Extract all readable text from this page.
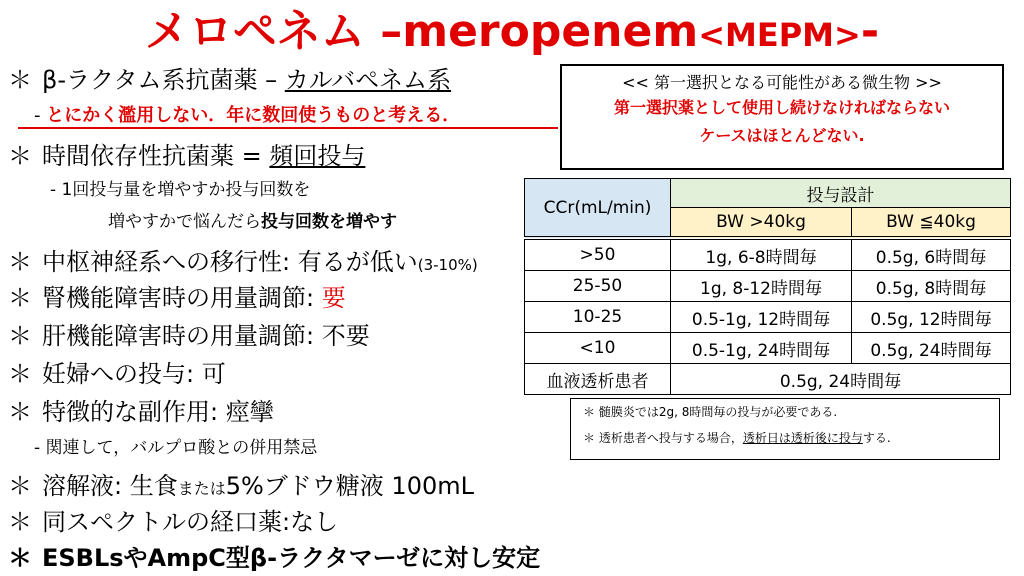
メロペネム –meropenem<MEPM>-
＊ β-ラクタム系抗菌薬 – カルバペネム系
- とにかく濫用しない．年に数回使うものと考える．
＊ 時間依存性抗菌薬 = 頻回投与
- 1回投与量を増やすか投与回数を
増やすかで悩んだら投与回数を増やす
＊ 中枢神経系への移行性: 有るが低い(3-10%)
＊ 腎機能障害時の用量調節: 要
＊ 肝機能障害時の用量調節: 不要
＊ 妊婦への投与: 可
＊ 特徴的な副作用: 痙攣
- 関連して，バルプロ酸との併用禁忌
＊ 溶解液: 生食または5%ブドウ糖液 100mL
＊ 同スペクトルの経口薬:なし
＊ ESBLsやAmpC型β-ラクタマーゼに対し安定
<< 第一選択となる可能性がある微生物 >>
第一選択薬として使用し続けなければならない
ケースはほとんどない.
CCr(mL/min)	投与設計	
	BW >40kg	BW ≦40kg
>50	1g, 6-8時間毎	0.5g, 6時間毎
25-50	1g, 8-12時間毎	0.5g, 8時間毎
10-25	0.5-1g, 12時間毎	0.5g, 12時間毎
<10	0.5-1g, 24時間毎	0.5g, 24時間毎
血液透析患者	0.5g, 24時間毎	
＊ 髄膜炎では2g, 8時間毎の投与が必要である.
＊ 透析患者へ投与する場合，透析日は透析後に投与する.
